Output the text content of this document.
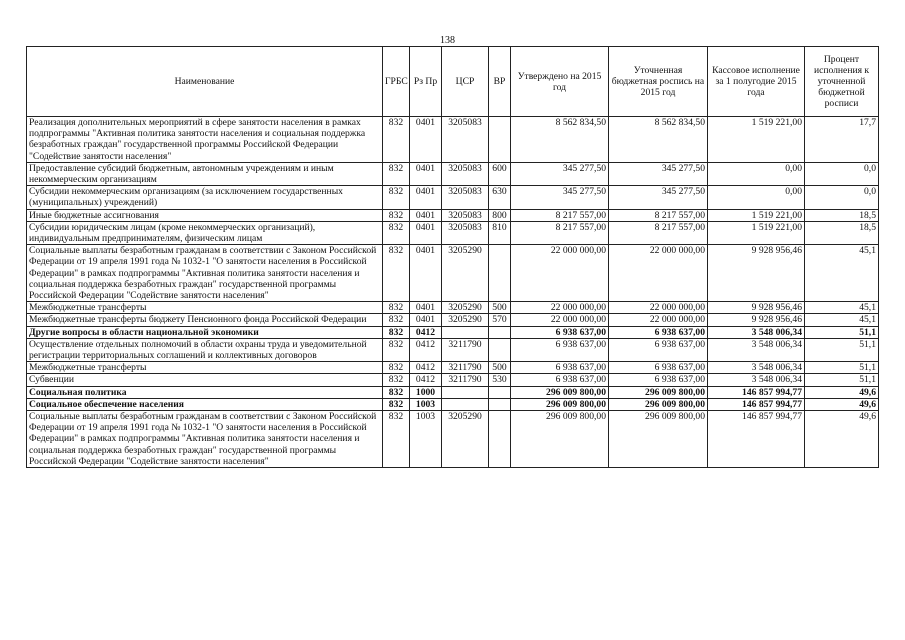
138
Наименование	ГРБС	Рз Пр	ЦСР	ВР	Утверждено на 2015 год	Уточненная бюджетная роспись на 2015 год	Кассовое исполнение за 1 полугодие 2015 года	Процент исполнения к уточненной бюджетной росписи
Реализация дополнительных мероприятий в сфере занятости населения в рамках подпрограммы "Активная политика занятости населения и социальная поддержка безработных граждан" государственной программы Российской Федерации "Содействие занятости населения"	832	0401	3205083		8 562 834,50	8 562 834,50	1 519 221,00	17,7
Предоставление субсидий бюджетным, автономным учреждениям и иным некоммерческим организациям	832	0401	3205083	600	345 277,50	345 277,50	0,00	0,0
Субсидии некоммерческим организациям (за исключением государственных (муниципальных) учреждений)	832	0401	3205083	630	345 277,50	345 277,50	0,00	0,0
Иные бюджетные ассигнования	832	0401	3205083	800	8 217 557,00	8 217 557,00	1 519 221,00	18,5
Субсидии юридическим лицам (кроме некоммерческих организаций), индивидуальным предпринимателям, физическим лицам	832	0401	3205083	810	8 217 557,00	8 217 557,00	1 519 221,00	18,5
Социальные выплаты безработным гражданам в соответствии с Законом Российской Федерации от 19 апреля 1991 года № 1032-1 "О занятости населения в Российской Федерации" в рамках подпрограммы "Активная политика занятости населения и социальная поддержка безработных граждан" государственной программы Российской Федерации "Содействие занятости населения"	832	0401	3205290		22 000 000,00	22 000 000,00	9 928 956,46	45,1
Межбюджетные трансферты	832	0401	3205290	500	22 000 000,00	22 000 000,00	9 928 956,46	45,1
Межбюджетные трансферты бюджету Пенсионного фонда Российской Федерации	832	0401	3205290	570	22 000 000,00	22 000 000,00	9 928 956,46	45,1
Другие вопросы в области национальной экономики	832	0412			6 938 637,00	6 938 637,00	3 548 006,34	51,1
Осуществление отдельных полномочий в области охраны труда и уведомительной регистрации территориальных соглашений и коллективных договоров	832	0412	3211790		6 938 637,00	6 938 637,00	3 548 006,34	51,1
Межбюджетные трансферты	832	0412	3211790	500	6 938 637,00	6 938 637,00	3 548 006,34	51,1
Субвенции	832	0412	3211790	530	6 938 637,00	6 938 637,00	3 548 006,34	51,1
Социальная политика	832	1000			296 009 800,00	296 009 800,00	146 857 994,77	49,6
Социальное обеспечение населения	832	1003			296 009 800,00	296 009 800,00	146 857 994,77	49,6
Социальные выплаты безработным гражданам в соответствии с Законом Российской Федерации от 19 апреля 1991 года № 1032-1 "О занятости населения в Российской Федерации" в рамках подпрограммы "Активная политика занятости населения и социальная поддержка безработных граждан" государственной программы Российской Федерации "Содействие занятости населения"	832	1003	3205290		296 009 800,00	296 009 800,00	146 857 994,77	49,6
